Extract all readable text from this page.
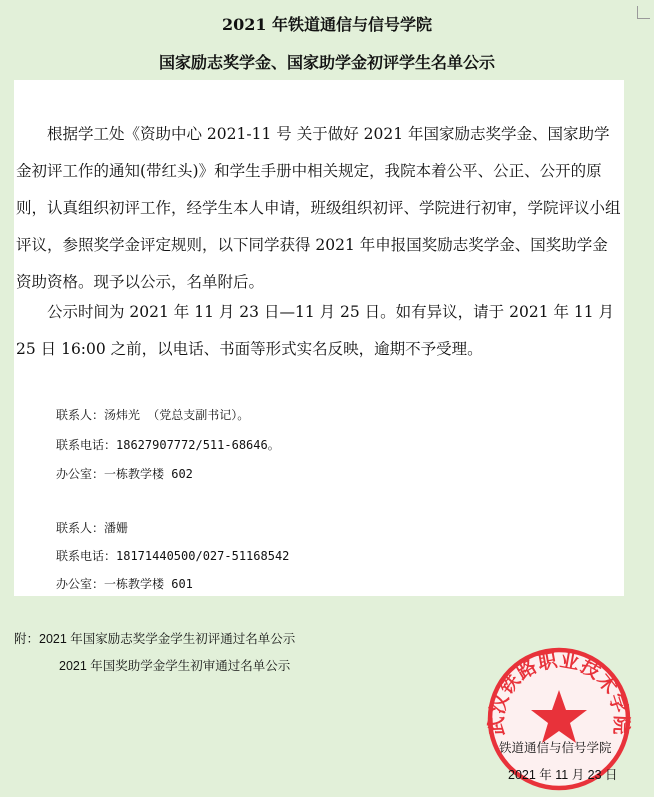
2021 年铁道通信与信号学院
国家励志奖学金、国家助学金初评学生名单公示

根据学工处《资助中心 2021-11 号 关于做好 2021 年国家励志奖学金、国家助学金初评工作的通知(带红头)》和学生手册中相关规定，我院本着公平、公正、公开的原则，认真组织初评工作，经学生本人申请，班级组织初评、学院进行初审，学院评议小组评议，参照奖学金评定规则，以下同学获得 2021 年申报国奖励志奖学金、国奖助学金资助资格。现予以公示，名单附后。

公示时间为 2021 年 11 月 23 日—11 月 25 日。如有异议，请于 2021 年 11 月 25 日 16:00 之前，以电话、书面等形式实名反映，逾期不予受理。

联系人：汤炜光 （党总支副书记）。
联系电话：18627907772/511-68646。
办公室：一栋教学楼 602
联系人：潘姗
联系电话：18171440500/027-51168542
办公室：一栋教学楼 601
附：2021 年国家励志奖学金学生初评通过名单公示
2021 年国奖助学金学生初审通过名单公示
武汉铁路职业技术学院
铁道通信与信号学院
2021 年 11 月 23 日
